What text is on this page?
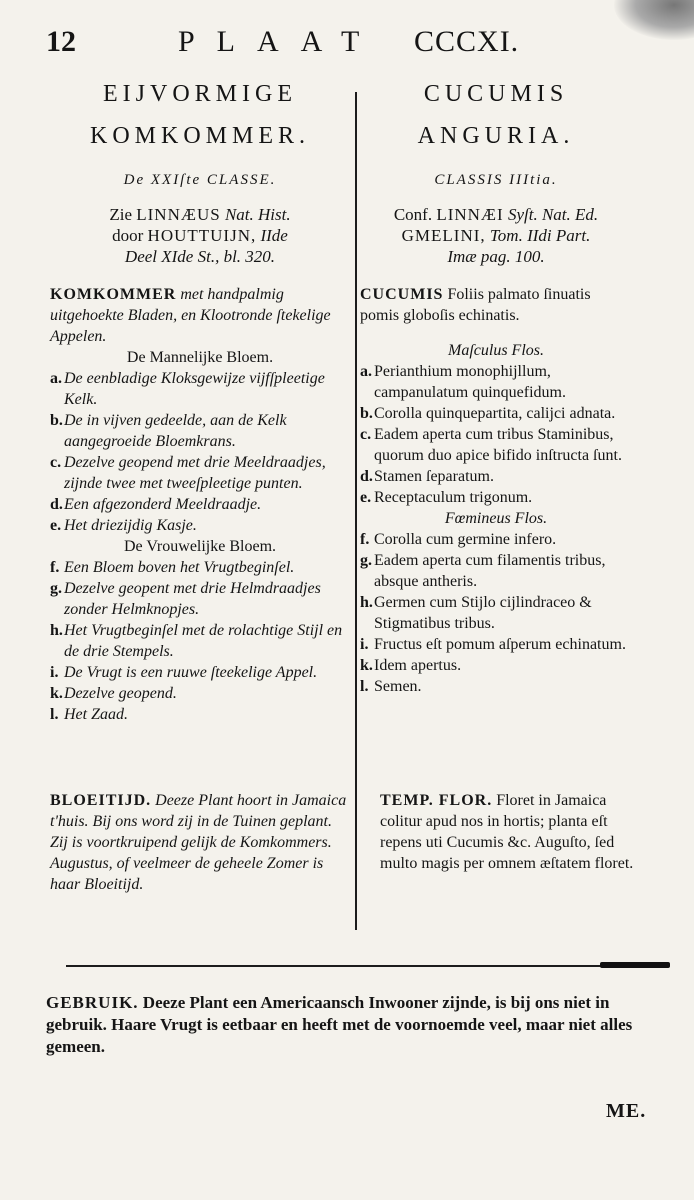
12	PLAAT CCCXI.
EIJVORMIGE
KOMKOMMER.
De XXIſte CLASSE.
Zie LINNÆUS Nat. Hist.
door HOUTTUIJN, IIde
Deel XIde St., bl. 320.
KOMKOMMER met handpalmig uitgehoekte Bladen, en Klootronde ſtekelige Appelen.
De Mannelijke Bloem.
a. De eenbladige Kloksgewijze vijfſpleetige Kelk.
b. De in vijven gedeelde, aan de Kelk aangegroeide Bloemkrans.
c. Dezelve geopend met drie Meeldraadjes, zijnde twee met tweeſpleetige punten.
d. Een afgezonderd Meeldraadje.
e. Het driezijdig Kasje.
De Vrouwelijke Bloem.
f. Een Bloem boven het Vrugtbeginſel.
g. Dezelve geopent met drie Helmdraadjes zonder Helmknopjes.
h. Het Vrugtbeginſel met de rolachtige Stijl en de drie Stempels.
i. De Vrugt is een ruuwe ſteekelige Appel.
k. Dezelve geopend.
l. Het Zaad.
CUCUMIS
ANGURIA.
CLASSIS IIItia.
Conf. LINNÆI Syſt. Nat. Ed.
GMELINI, Tom. IIdi Part.
Imæ pag. 100.
CUCUMIS Foliis palmato ſinuatis pomis globoſis echinatis.
Maſculus Flos.
a. Perianthium monophijllum, campanulatum quinquefidum.
b. Corolla quinquepartita, calijci adnata.
c. Eadem aperta cum tribus Staminibus, quorum duo apice bifido inſtructa ſunt.
d. Stamen ſeparatum.
e. Receptaculum trigonum.
Fœmineus Flos.
f. Corolla cum germine infero.
g. Eadem aperta cum filamentis tribus, absque antheris.
h. Germen cum Stijlo cijlindraceo & Stigmatibus tribus.
i. Fructus eſt pomum aſperum echinatum.
k. Idem apertus.
l. Semen.
BLOEITIJD. Deeze Plant hoort in Jamaica t'huis. Bij ons word zij in de Tuinen geplant. Zij is voortkruipend gelijk de Komkommers. Augustus, of veelmeer de geheele Zomer is haar Bloeitijd.
TEMP. FLOR. Floret in Jamaica colitur apud nos in hortis; planta eſt repens uti Cucumis &c. Auguſto, ſed multo magis per omnem æſtatem floret.
GEBRUIK. Deeze Plant een Americaansch Inwooner zijnde, is bij ons niet in gebruik. Haare Vrugt is eetbaar en heeft met de voornoemde veel, maar niet alles gemeen.
ME.
